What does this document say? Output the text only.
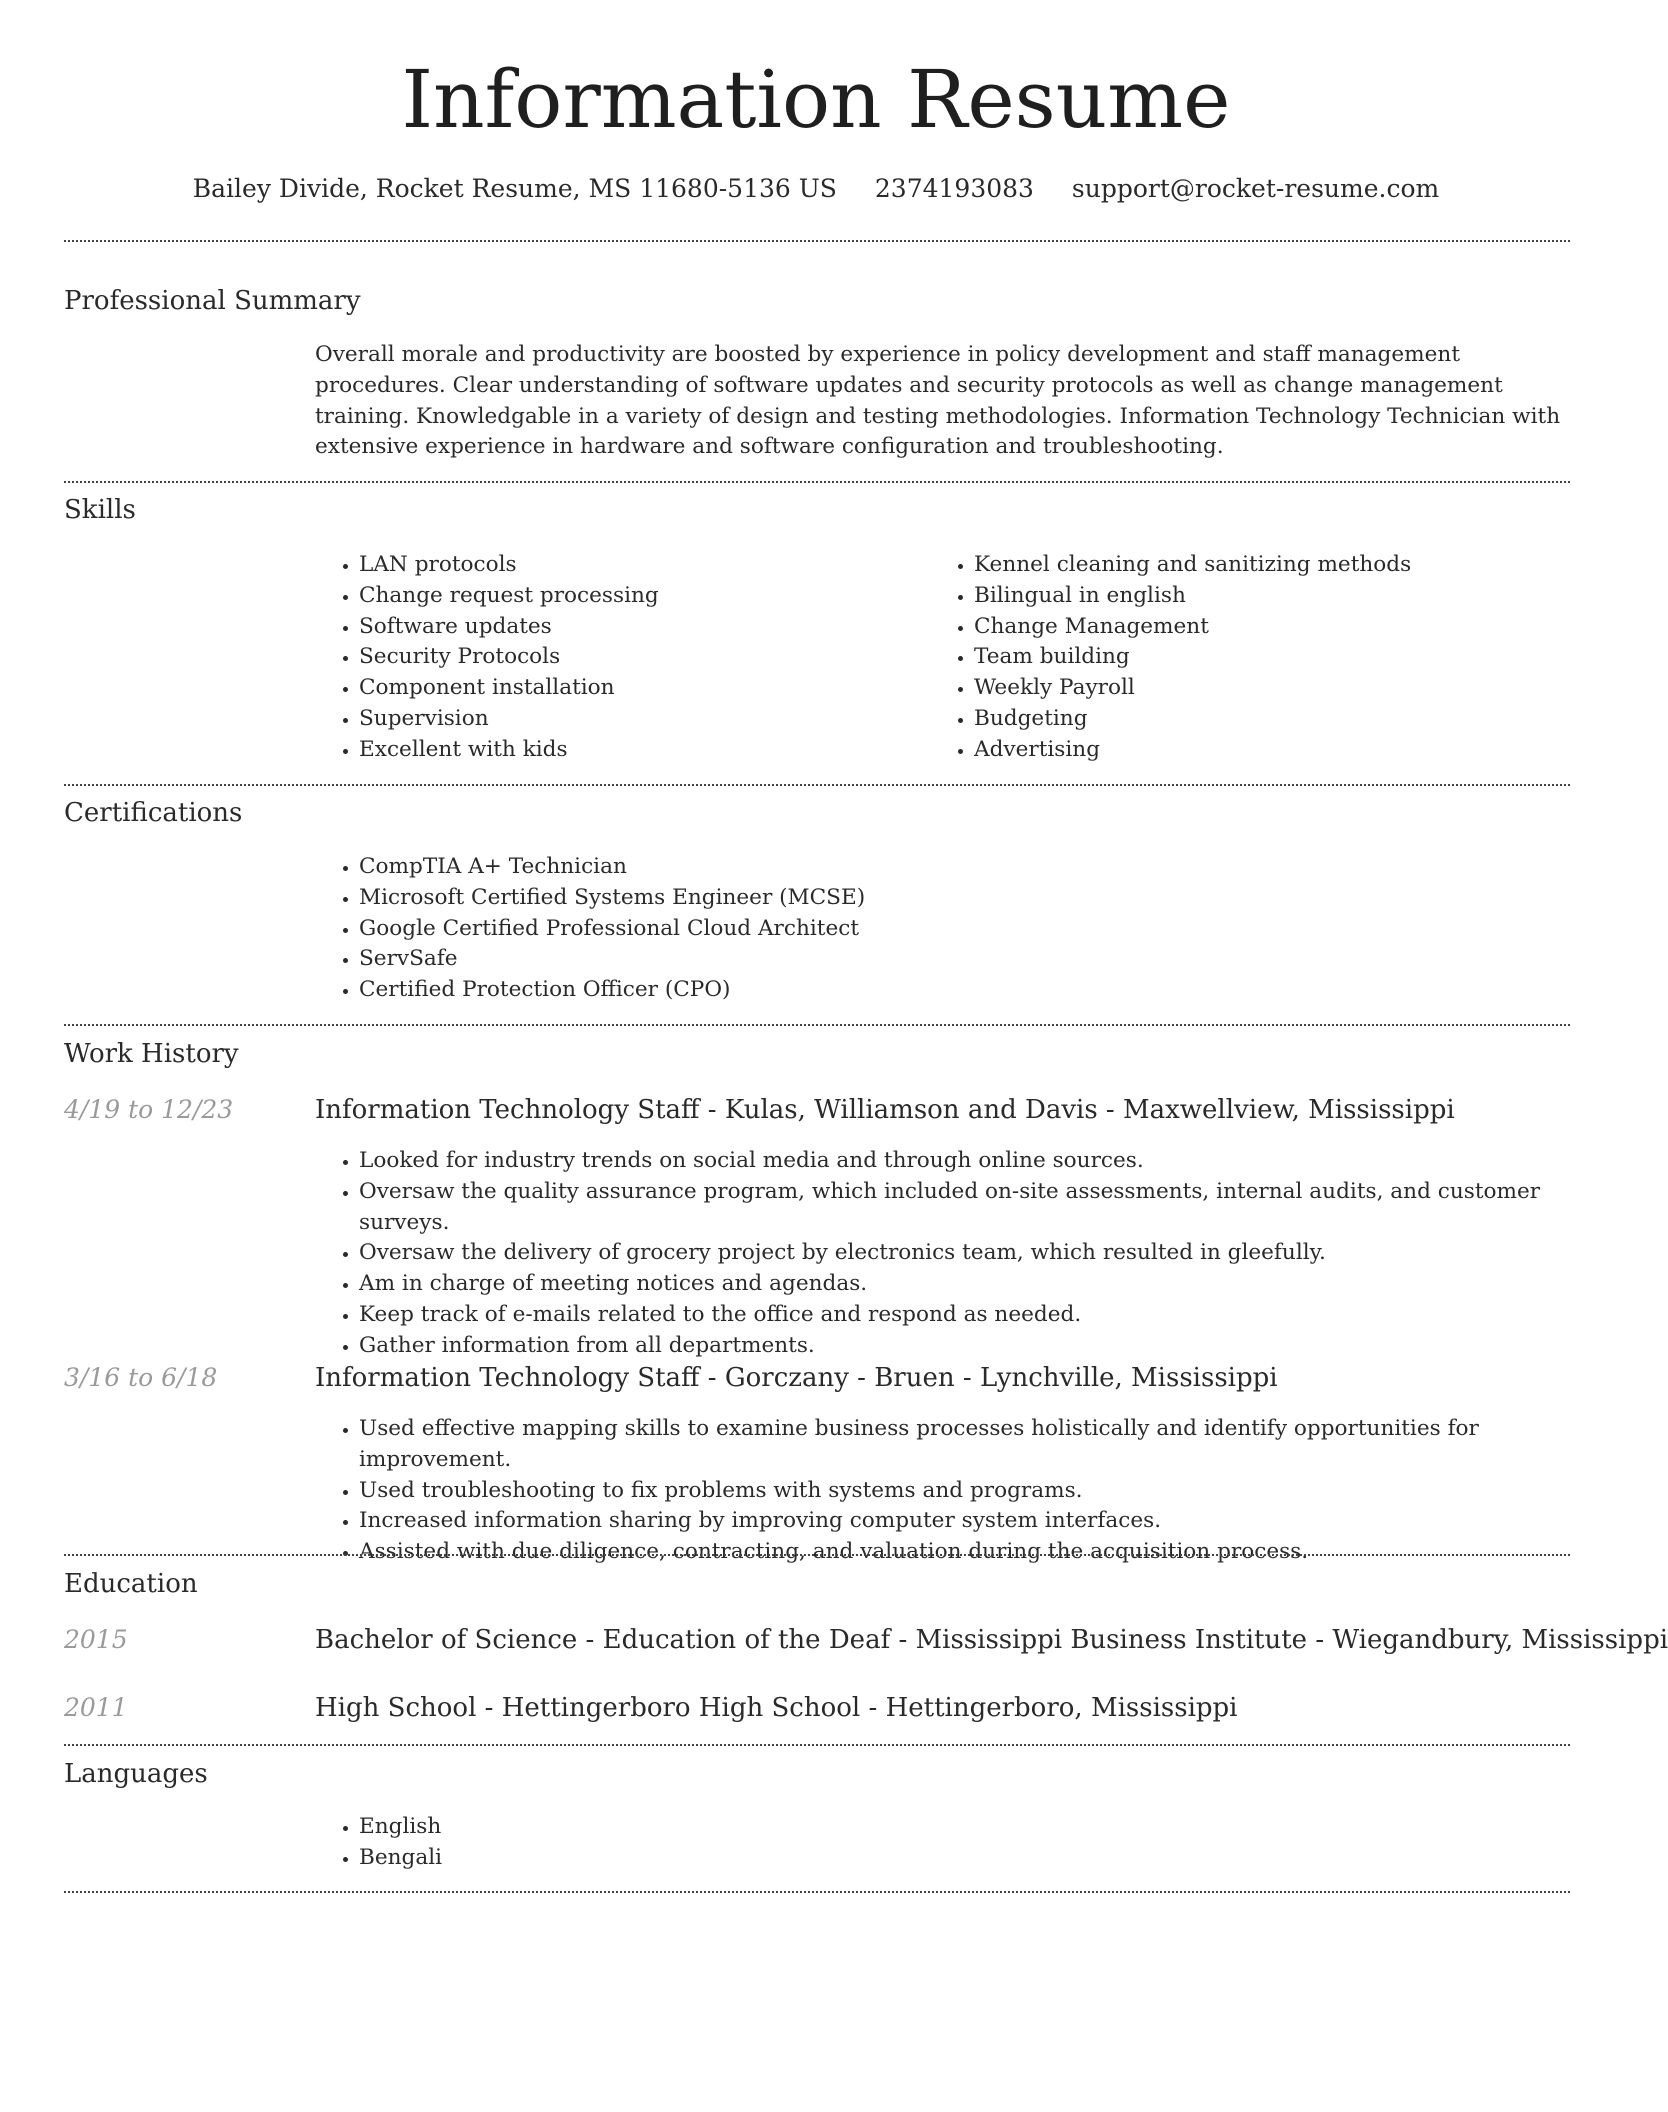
Information Resume
Bailey Divide, Rocket Resume, MS 11680-5136 US 2374193083 support@rocket-resume.com
Professional Summary
Overall morale and productivity are boosted by experience in policy development and staff management procedures. Clear understanding of software updates and security protocols as well as change management training. Knowledgable in a variety of design and testing methodologies. Information Technology Technician with extensive experience in hardware and software configuration and troubleshooting.
Skills
• LAN protocols
• Change request processing
• Software updates
• Security Protocols
• Component installation
• Supervision
• Excellent with kids
• Kennel cleaning and sanitizing methods
• Bilingual in english
• Change Management
• Team building
• Weekly Payroll
• Budgeting
• Advertising
Certifications
• CompTIA A+ Technician
• Microsoft Certified Systems Engineer (MCSE)
• Google Certified Professional Cloud Architect
• ServSafe
• Certified Protection Officer (CPO)
Work History
4/19 to 12/23	Information Technology Staff - Kulas, Williamson and Davis - Maxwellview, Mississippi
• Looked for industry trends on social media and through online sources.
• Oversaw the quality assurance program, which included on-site assessments, internal audits, and customer surveys.
• Oversaw the delivery of grocery project by electronics team, which resulted in gleefully.
• Am in charge of meeting notices and agendas.
• Keep track of e-mails related to the office and respond as needed.
• Gather information from all departments.
3/16 to 6/18	Information Technology Staff - Gorczany - Bruen - Lynchville, Mississippi
• Used effective mapping skills to examine business processes holistically and identify opportunities for improvement.
• Used troubleshooting to fix problems with systems and programs.
• Increased information sharing by improving computer system interfaces.
• Assisted with due diligence, contracting, and valuation during the acquisition process.
Education
2015	Bachelor of Science - Education of the Deaf - Mississippi Business Institute - Wiegandbury, Mississippi
2011	High School - Hettingerboro High School - Hettingerboro, Mississippi
Languages
• English
• Bengali
